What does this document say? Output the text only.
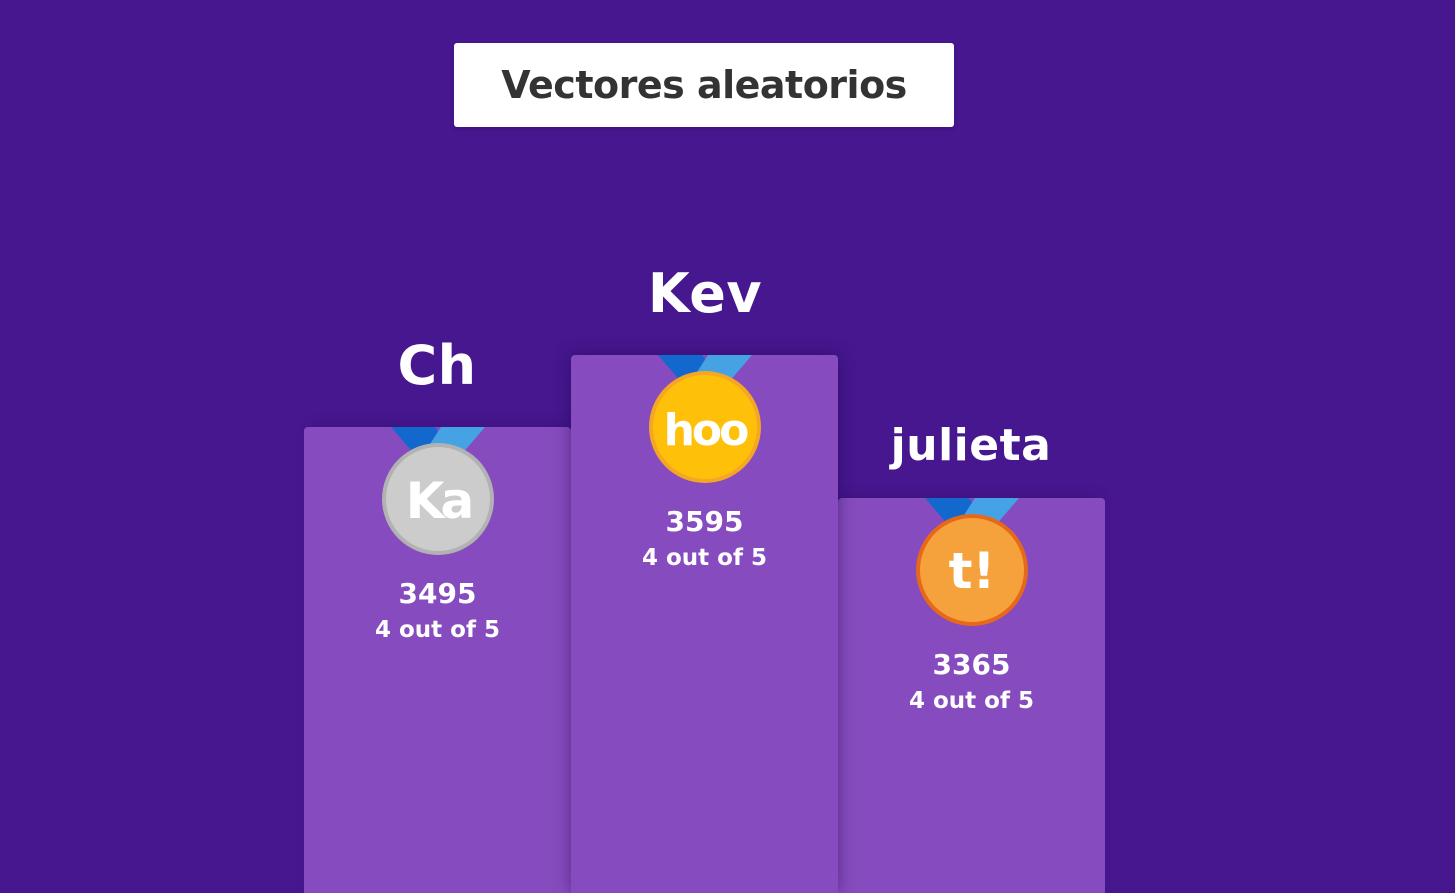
Vectores aleatorios
Ch
Kev
julieta
Ka
3495
4 out of 5
hoo
3595
4 out of 5	t!
3365
4 out of 5
